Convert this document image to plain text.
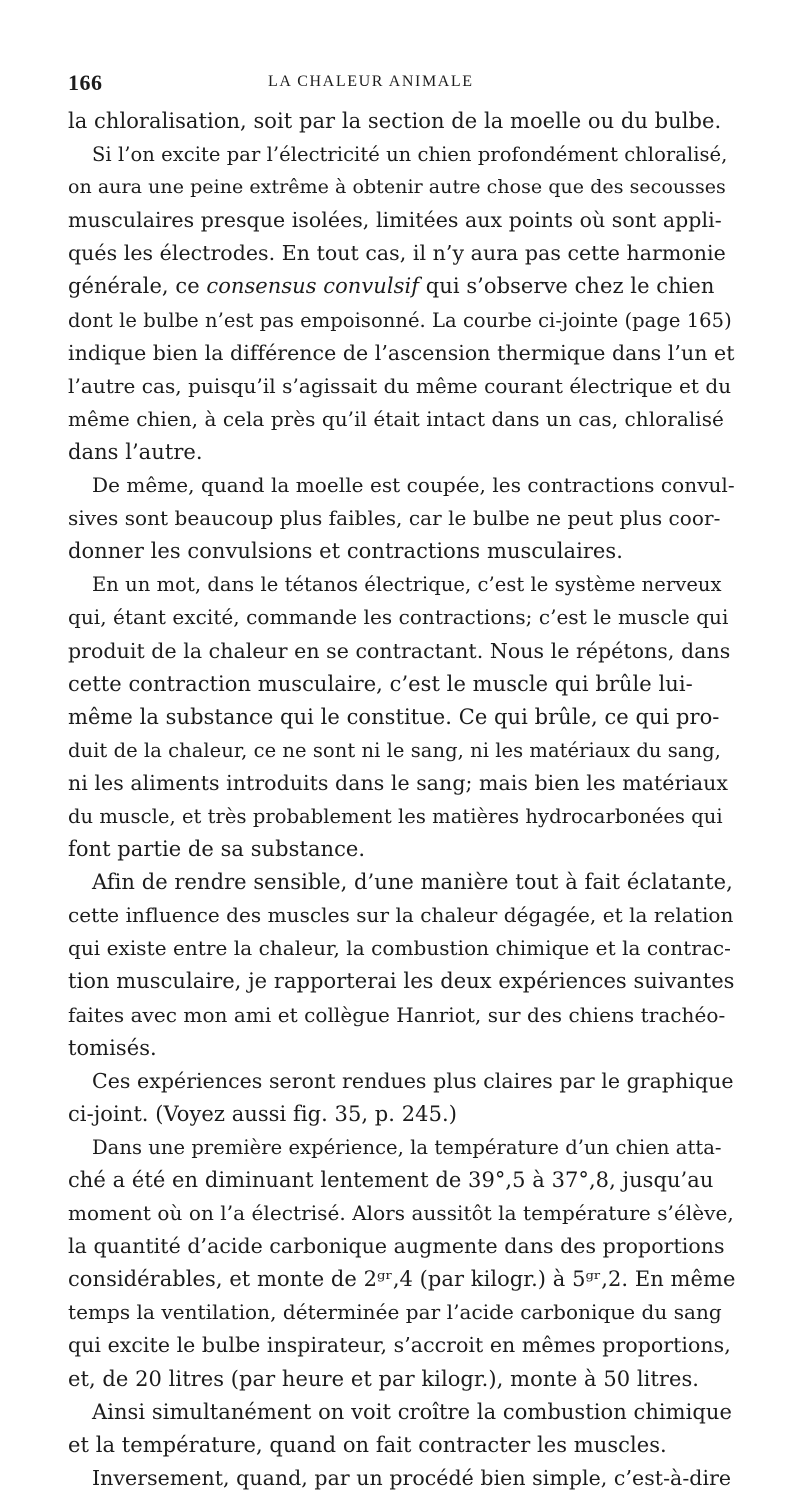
166	LA CHALEUR ANIMALE
la chloralisation, soit par la section de la moelle ou du bulbe.
Si l’on excite par l’électricité un chien profondément chloralisé,
on aura une peine extrême à obtenir autre chose que des secousses
musculaires presque isolées, limitées aux points où sont appli-
qués les électrodes. En tout cas, il n’y aura pas cette harmonie
générale, ce consensus convulsif qui s’observe chez le chien
dont le bulbe n’est pas empoisonné. La courbe ci-jointe (page 165)
indique bien la différence de l’ascension thermique dans l’un et
l’autre cas, puisqu’il s’agissait du même courant électrique et du
même chien, à cela près qu’il était intact dans un cas, chloralisé
dans l’autre.
De même, quand la moelle est coupée, les contractions convul-
sives sont beaucoup plus faibles, car le bulbe ne peut plus coor-
donner les convulsions et contractions musculaires.
En un mot, dans le tétanos électrique, c’est le système nerveux
qui, étant excité, commande les contractions; c’est le muscle qui
produit de la chaleur en se contractant. Nous le répétons, dans
cette contraction musculaire, c’est le muscle qui brûle lui-
même la substance qui le constitue. Ce qui brûle, ce qui pro-
duit de la chaleur, ce ne sont ni le sang, ni les matériaux du sang,
ni les aliments introduits dans le sang; mais bien les matériaux
du muscle, et très probablement les matières hydrocarbonées qui
font partie de sa substance.
Afin de rendre sensible, d’une manière tout à fait éclatante,
cette influence des muscles sur la chaleur dégagée, et la relation
qui existe entre la chaleur, la combustion chimique et la contrac-
tion musculaire, je rapporterai les deux expériences suivantes
faites avec mon ami et collègue Hanriot, sur des chiens trachéo-
tomisés.
Ces expériences seront rendues plus claires par le graphique
ci-joint. (Voyez aussi fig. 35, p. 245.)
Dans une première expérience, la température d’un chien atta-
ché a été en diminuant lentement de 39°,5 à 37°,8, jusqu’au
moment où on l’a électrisé. Alors aussitôt la température s’élève,
la quantité d’acide carbonique augmente dans des proportions
considérables, et monte de 2ᵍʳ,4 (par kilogr.) à 5ᵍʳ,2. En même
temps la ventilation, déterminée par l’acide carbonique du sang
qui excite le bulbe inspirateur, s’accroit en mêmes proportions,
et, de 20 litres (par heure et par kilogr.), monte à 50 litres.
Ainsi simultanément on voit croître la combustion chimique
et la température, quand on fait contracter les muscles.
Inversement, quand, par un procédé bien simple, c’est-à-dire
